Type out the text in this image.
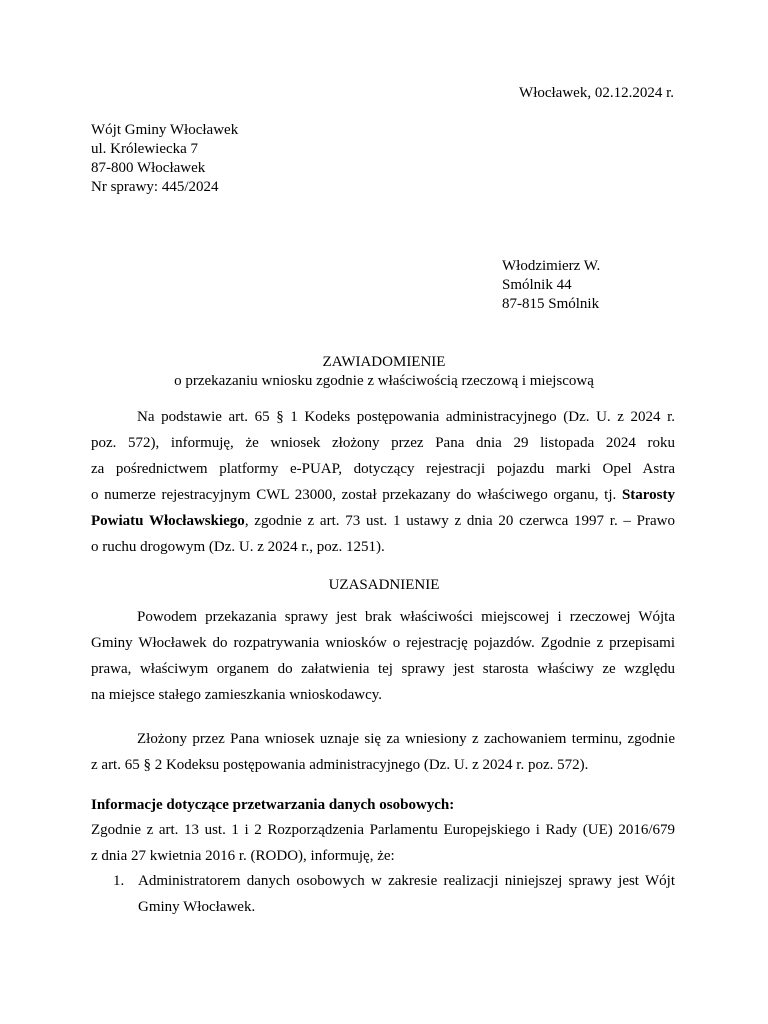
Włocławek, 02.12.2024 r.
Wójt Gminy Włocławek
ul. Królewiecka 7
87-800 Włocławek
Nr sprawy: 445/2024
Włodzimierz W.
Smólnik 44
87-815 Smólnik
ZAWIADOMIENIE
o przekazaniu wniosku zgodnie z właściwością rzeczową i miejscową
Na podstawie art. 65 § 1 Kodeks postępowania administracyjnego (Dz. U. z 2024 r.
poz. 572), informuję, że wniosek złożony przez Pana dnia 29 listopada 2024 roku
za pośrednictwem platformy e-PUAP, dotyczący rejestracji pojazdu marki Opel Astra
o numerze rejestracyjnym CWL 23000, został przekazany do właściwego organu, tj. Starosty
Powiatu Włocławskiego, zgodnie z art. 73 ust. 1 ustawy z dnia 20 czerwca 1997 r. – Prawo
o ruchu drogowym (Dz. U. z 2024 r., poz. 1251).
UZASADNIENIE
Powodem przekazania sprawy jest brak właściwości miejscowej i rzeczowej Wójta
Gminy Włocławek do rozpatrywania wniosków o rejestrację pojazdów. Zgodnie z przepisami
prawa, właściwym organem do załatwienia tej sprawy jest starosta właściwy ze względu
na miejsce stałego zamieszkania wnioskodawcy.
Złożony przez Pana wniosek uznaje się za wniesiony z zachowaniem terminu, zgodnie
z art. 65 § 2 Kodeksu postępowania administracyjnego (Dz. U. z 2024 r. poz. 572).
Informacje dotyczące przetwarzania danych osobowych:
Zgodnie z art. 13 ust. 1 i 2 Rozporządzenia Parlamentu Europejskiego i Rady (UE) 2016/679
z dnia 27 kwietnia 2016 r. (RODO), informuję, że:
1. Administratorem danych osobowych w zakresie realizacji niniejszej sprawy jest Wójt
Gminy Włocławek.
